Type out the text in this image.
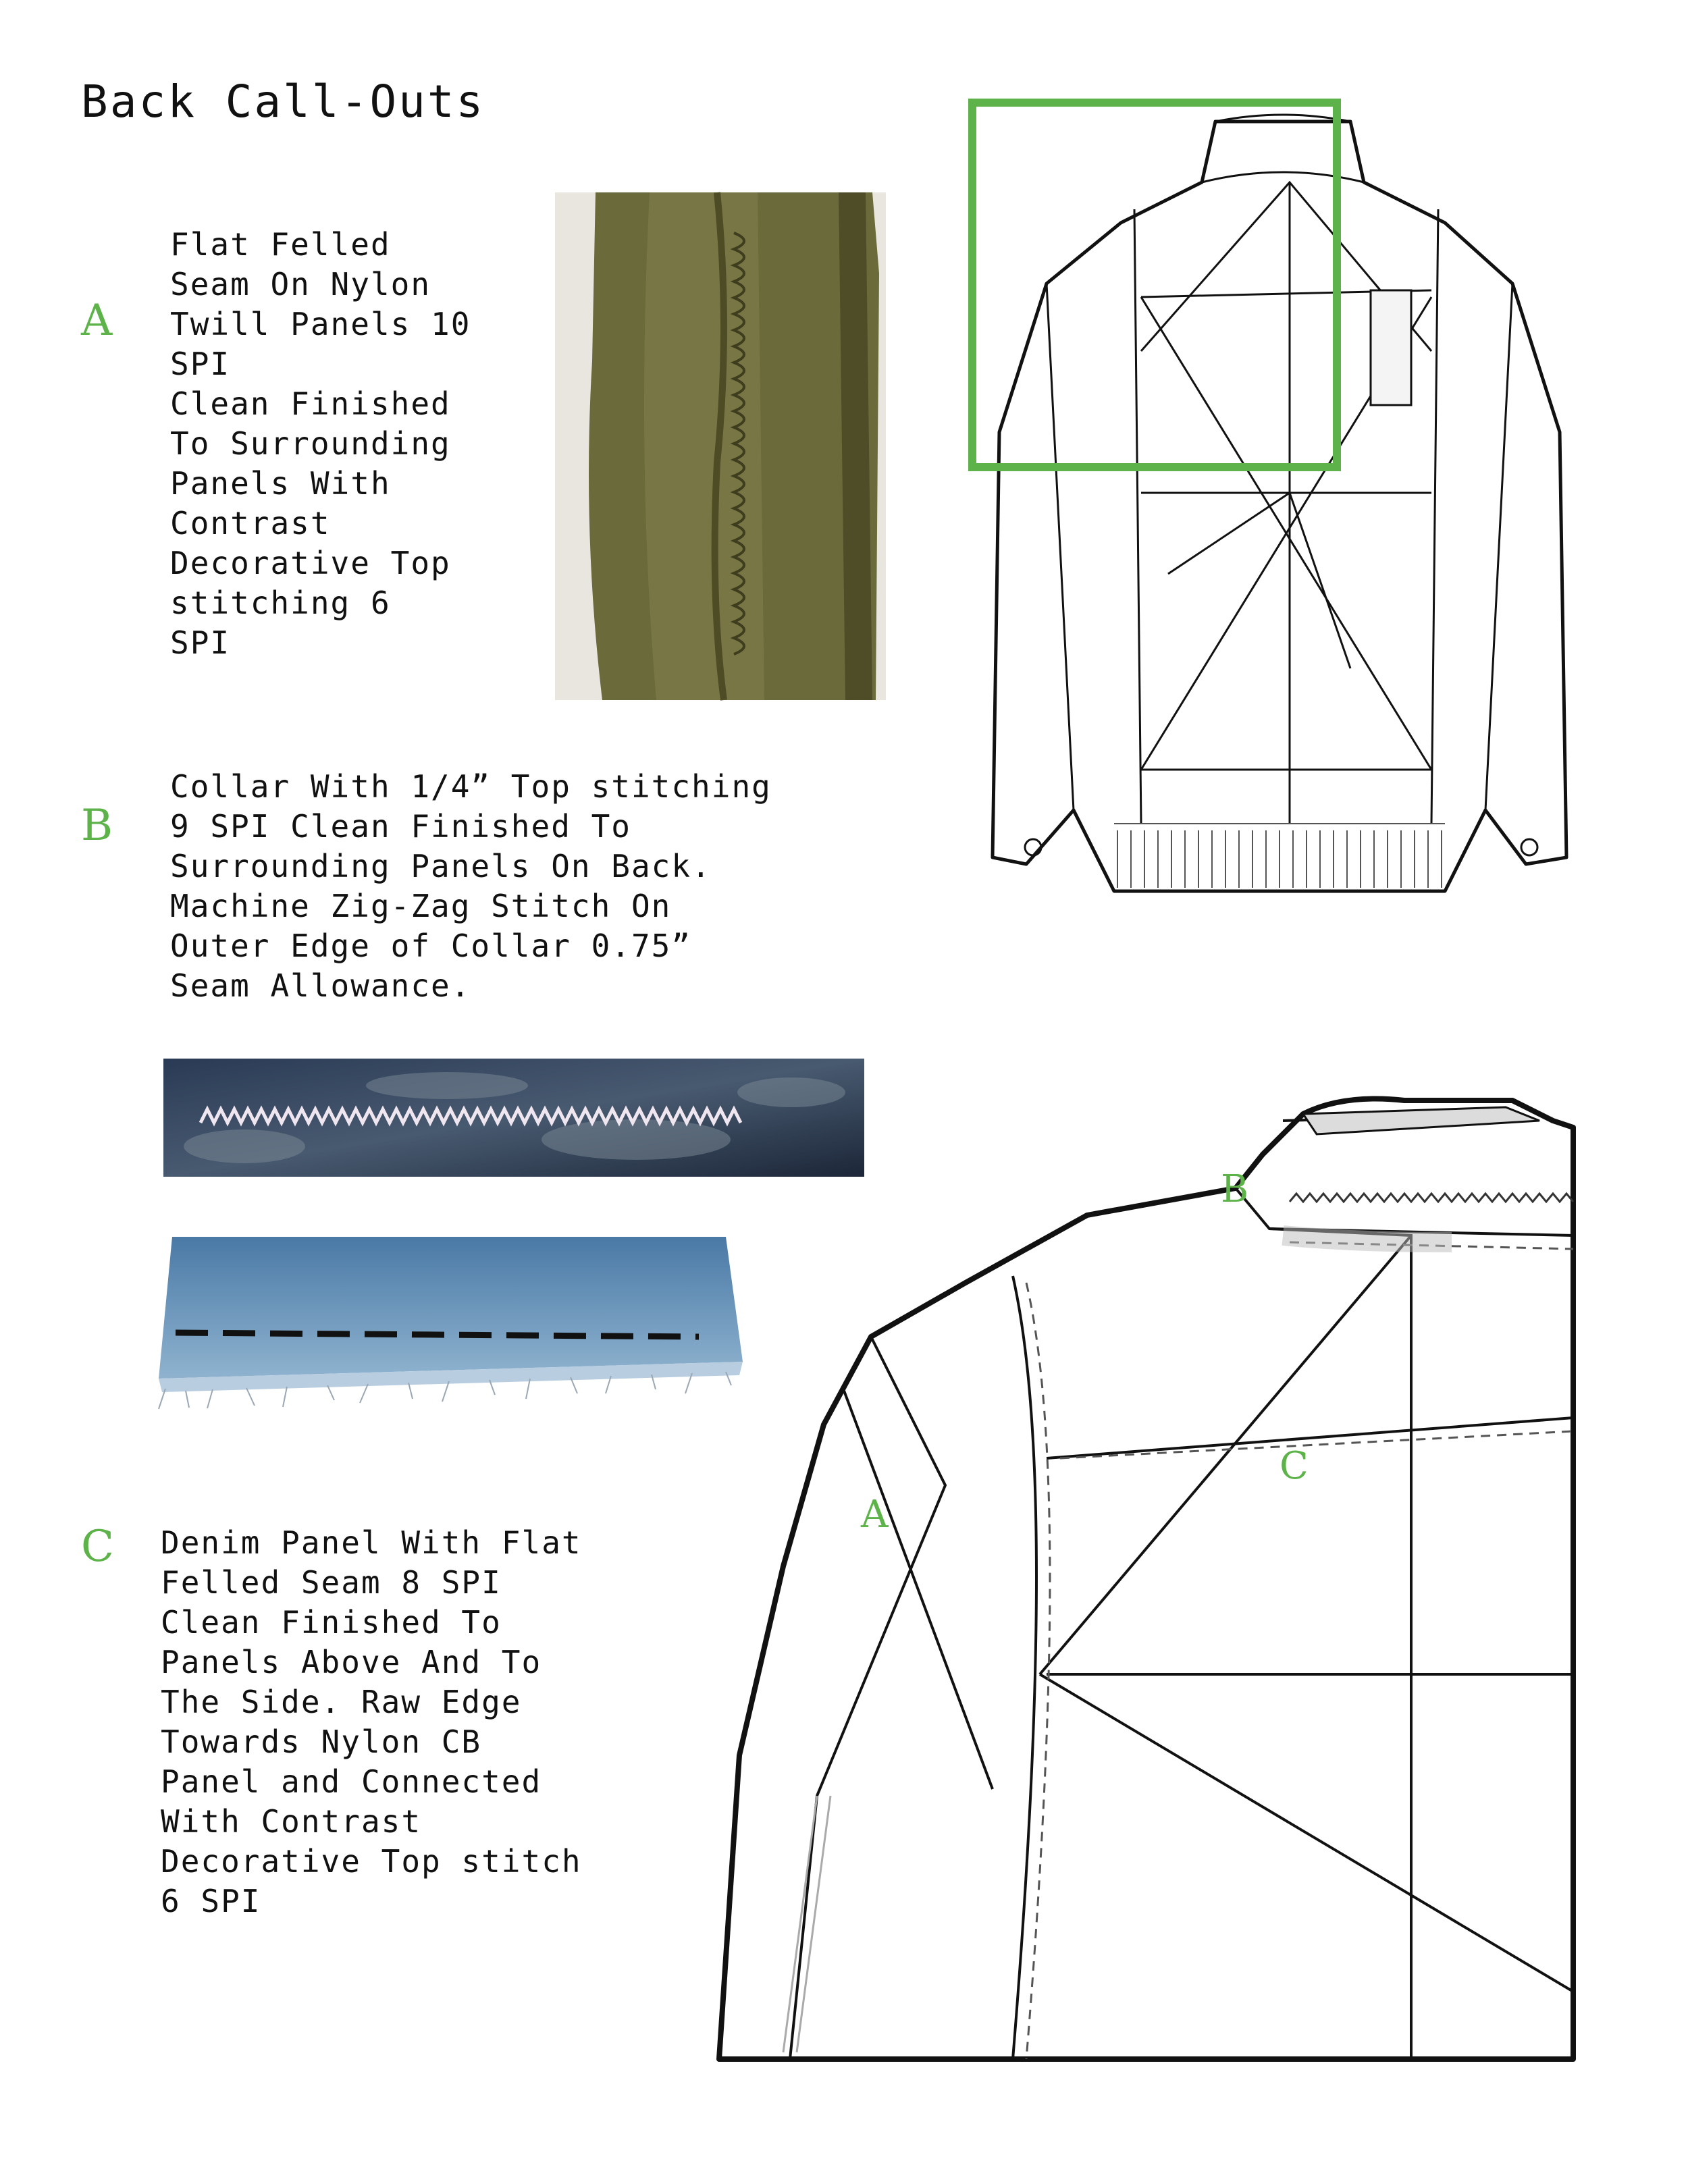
Back Call-Outs
A
Flat Felled
Seam On Nylon
Twill Panels 10
SPI
Clean Finished
To Surrounding
Panels With
Contrast
Decorative Top
stitching 6
SPI
B
Collar With 1/4” Top stitching
9 SPI Clean Finished To
Surrounding Panels On Back.
Machine Zig-Zag Stitch On
Outer Edge of Collar 0.75”
Seam Allowance.
C Denim Panel With Flat
Felled Seam 8 SPI
Clean Finished To
Panels Above And To
The Side. Raw Edge
Towards Nylon CB
Panel and Connected
With Contrast
Decorative Top stitch
6 SPI
B
C
A
